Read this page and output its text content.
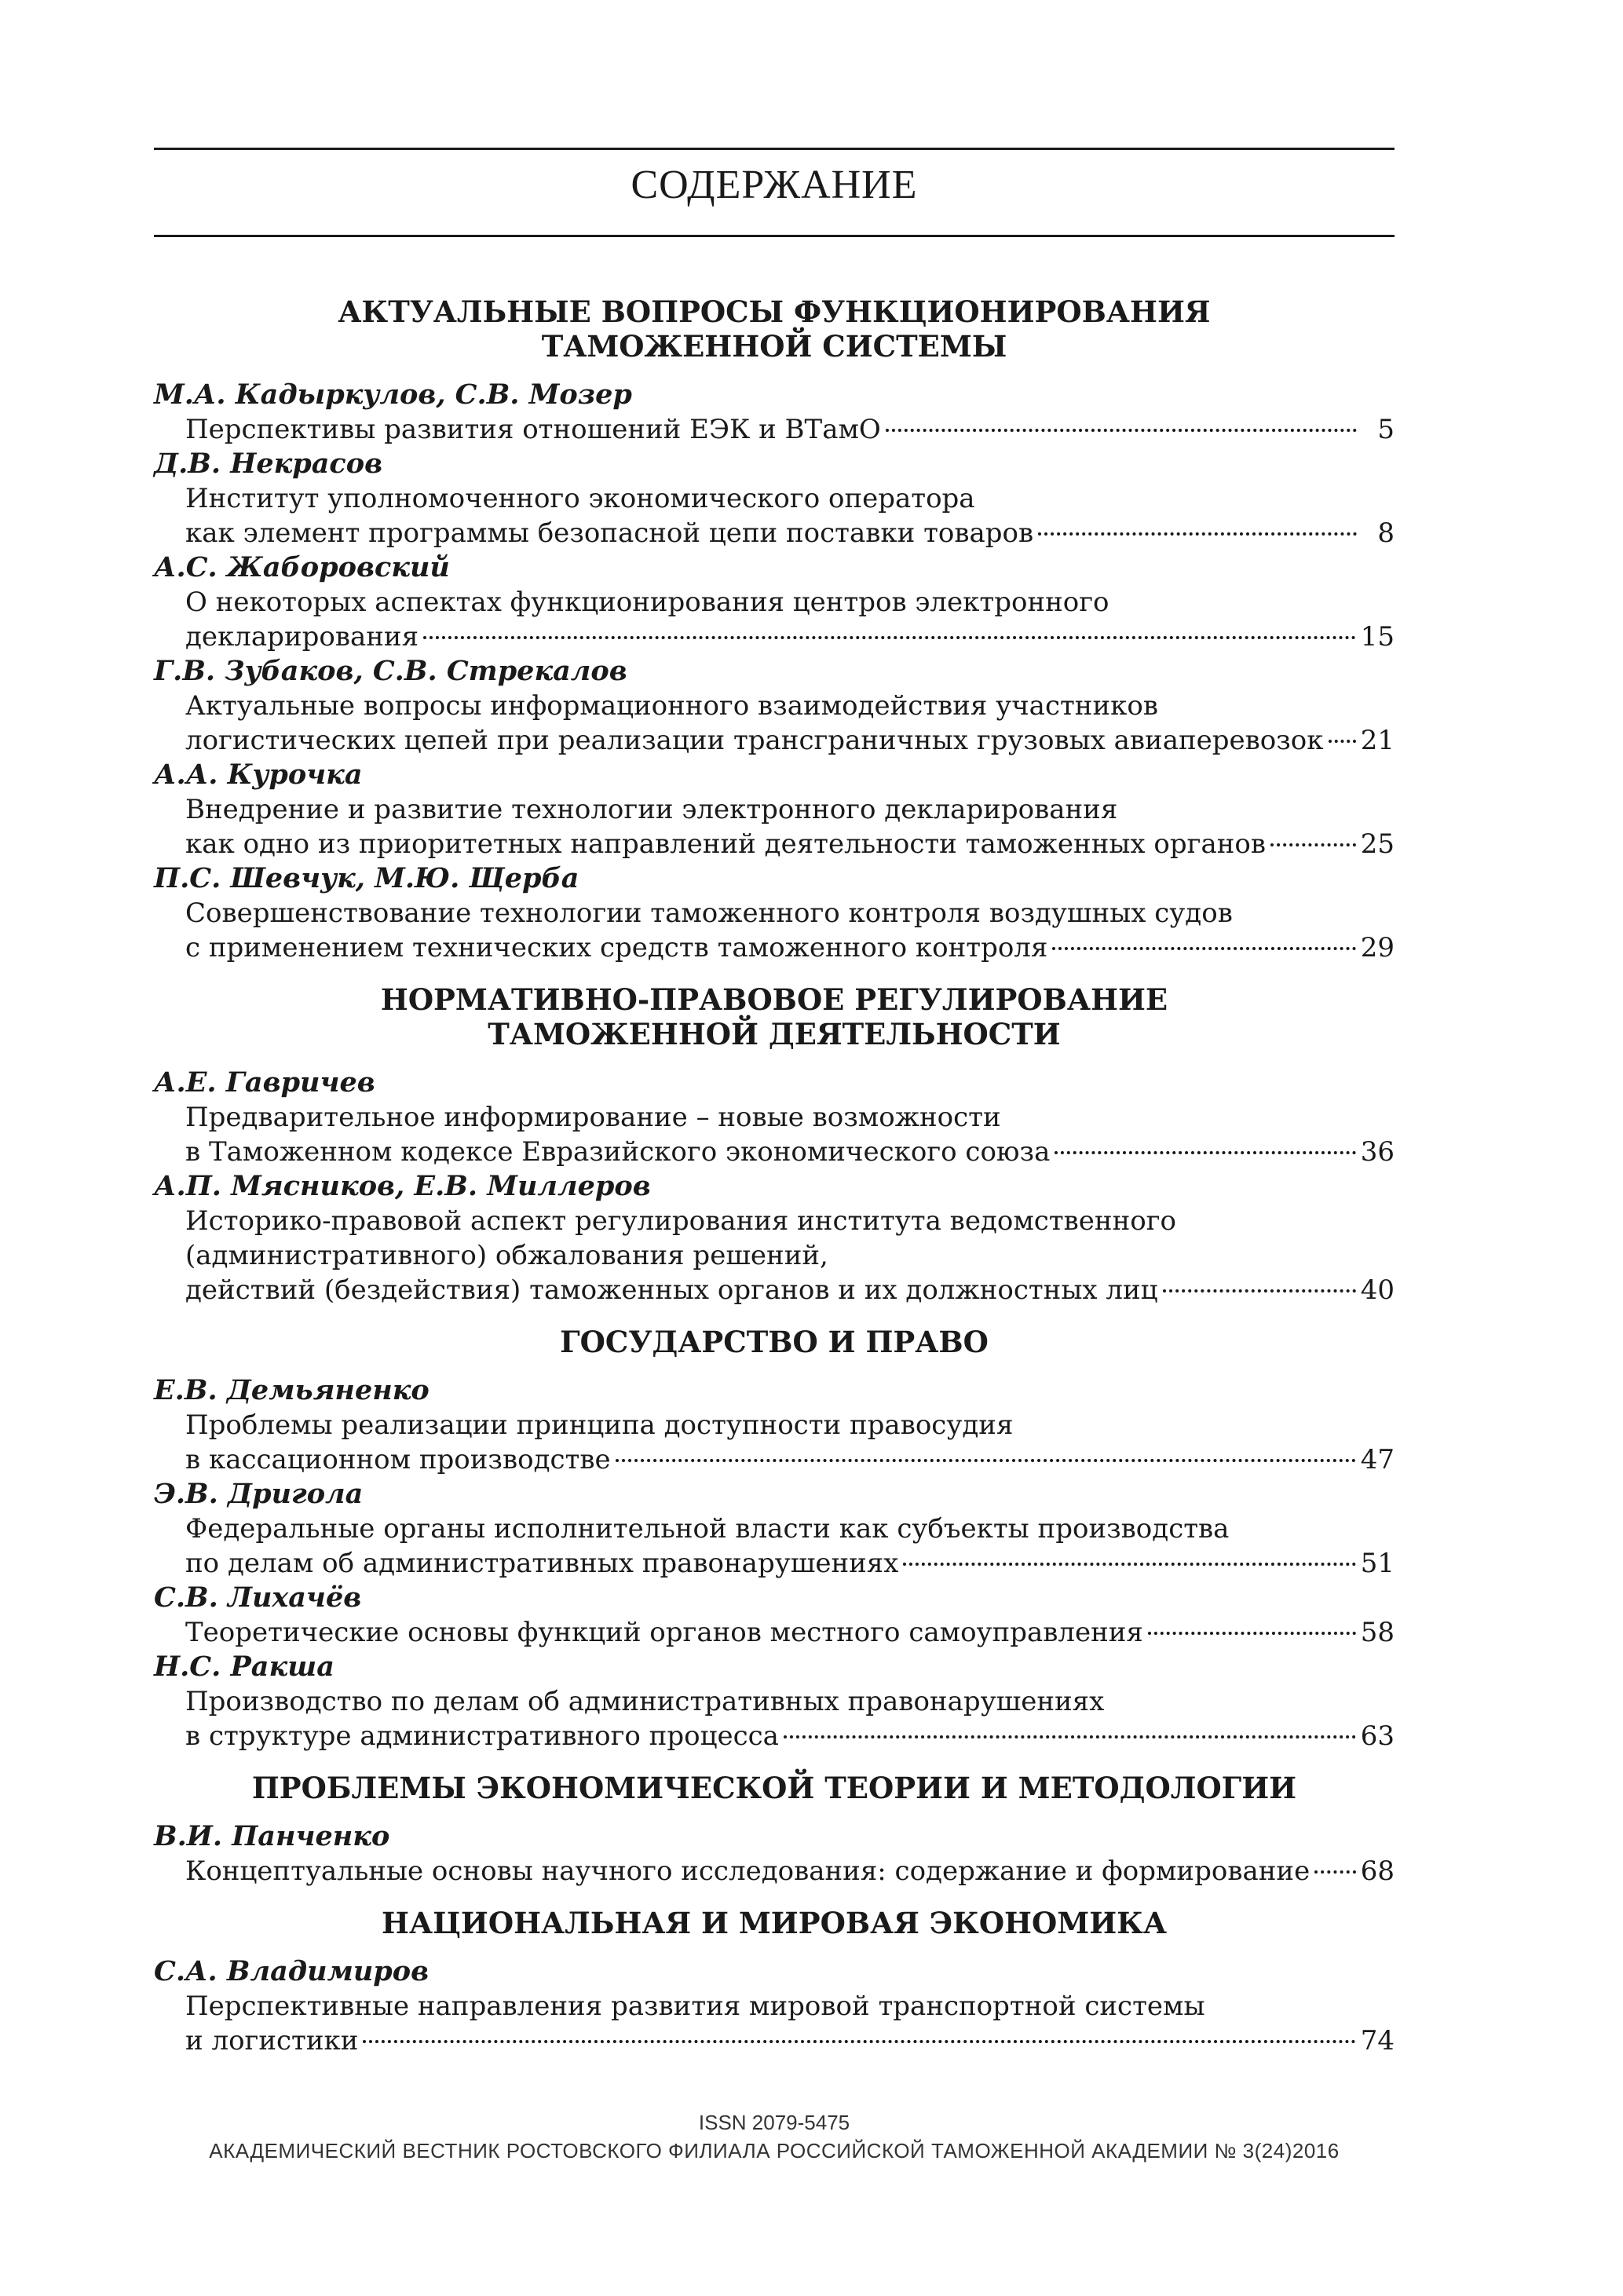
СОДЕРЖАНИЕ
АКТУАЛЬНЫЕ ВОПРОСЫ ФУНКЦИОНИРОВАНИЯ
ТАМОЖЕННОЙ СИСТЕМЫ
М.А. Кадыркулов, С.В. Мозер
Перспективы развития отношений ЕЭК и ВТамО	5
Д.В. Некрасов
Институт уполномоченного экономического оператора
как элемент программы безопасной цепи поставки товаров	8
А.С. Жаборовский
О некоторых аспектах функционирования центров электронного
декларирования	15
Г.В. Зубаков, С.В. Стрекалов
Актуальные вопросы информационного взаимодействия участников
логистических цепей при реализации трансграничных грузовых авиаперевозок 21
А.А. Курочка
Внедрение и развитие технологии электронного декларирования
как одно из приоритетных направлений деятельности таможенных органов	25
П.С. Шевчук, М.Ю. Щерба
Совершенствование технологии таможенного контроля воздушных судов
с применением технических средств таможенного контроля	29
НОРМАТИВНО-ПРАВОВОЕ РЕГУЛИРОВАНИЕ
ТАМОЖЕННОЙ ДЕЯТЕЛЬНОСТИ
А.Е. Гавричев
Предварительное информирование – новые возможности
в Таможенном кодексе Евразийского экономического союза	36
А.П. Мясников, Е.В. Миллеров
Историко-правовой аспект регулирования института ведомственного
(административного) обжалования решений,
действий (бездействия) таможенных органов и их должностных лиц	40
ГОСУДАРСТВО И ПРАВО
Е.В. Демьяненко
Проблемы реализации принципа доступности правосудия
в кассационном производстве	47
Э.В. Дригола
Федеральные органы исполнительной власти как субъекты производства
по делам об административных правонарушениях	51
С.В. Лихачёв
Теоретические основы функций органов местного самоуправления	58
Н.С. Ракша
Производство по делам об административных правонарушениях
в структуре административного процесса	63
ПРОБЛЕМЫ ЭКОНОМИЧЕСКОЙ ТЕОРИИ И МЕТОДОЛОГИИ
В.И. Панченко
Концептуальные основы научного исследования: содержание и формирование 68
НАЦИОНАЛЬНАЯ И МИРОВАЯ ЭКОНОМИКА
С.А. Владимиров
Перспективные направления развития мировой транспортной системы
и логистики	74
ISSN 2079-5475
АКАДЕМИЧЕСКИЙ ВЕСТНИК РОСТОВСКОГО ФИЛИАЛА РОССИЙСКОЙ ТАМОЖЕННОЙ АКАДЕМИИ № 3(24)2016
